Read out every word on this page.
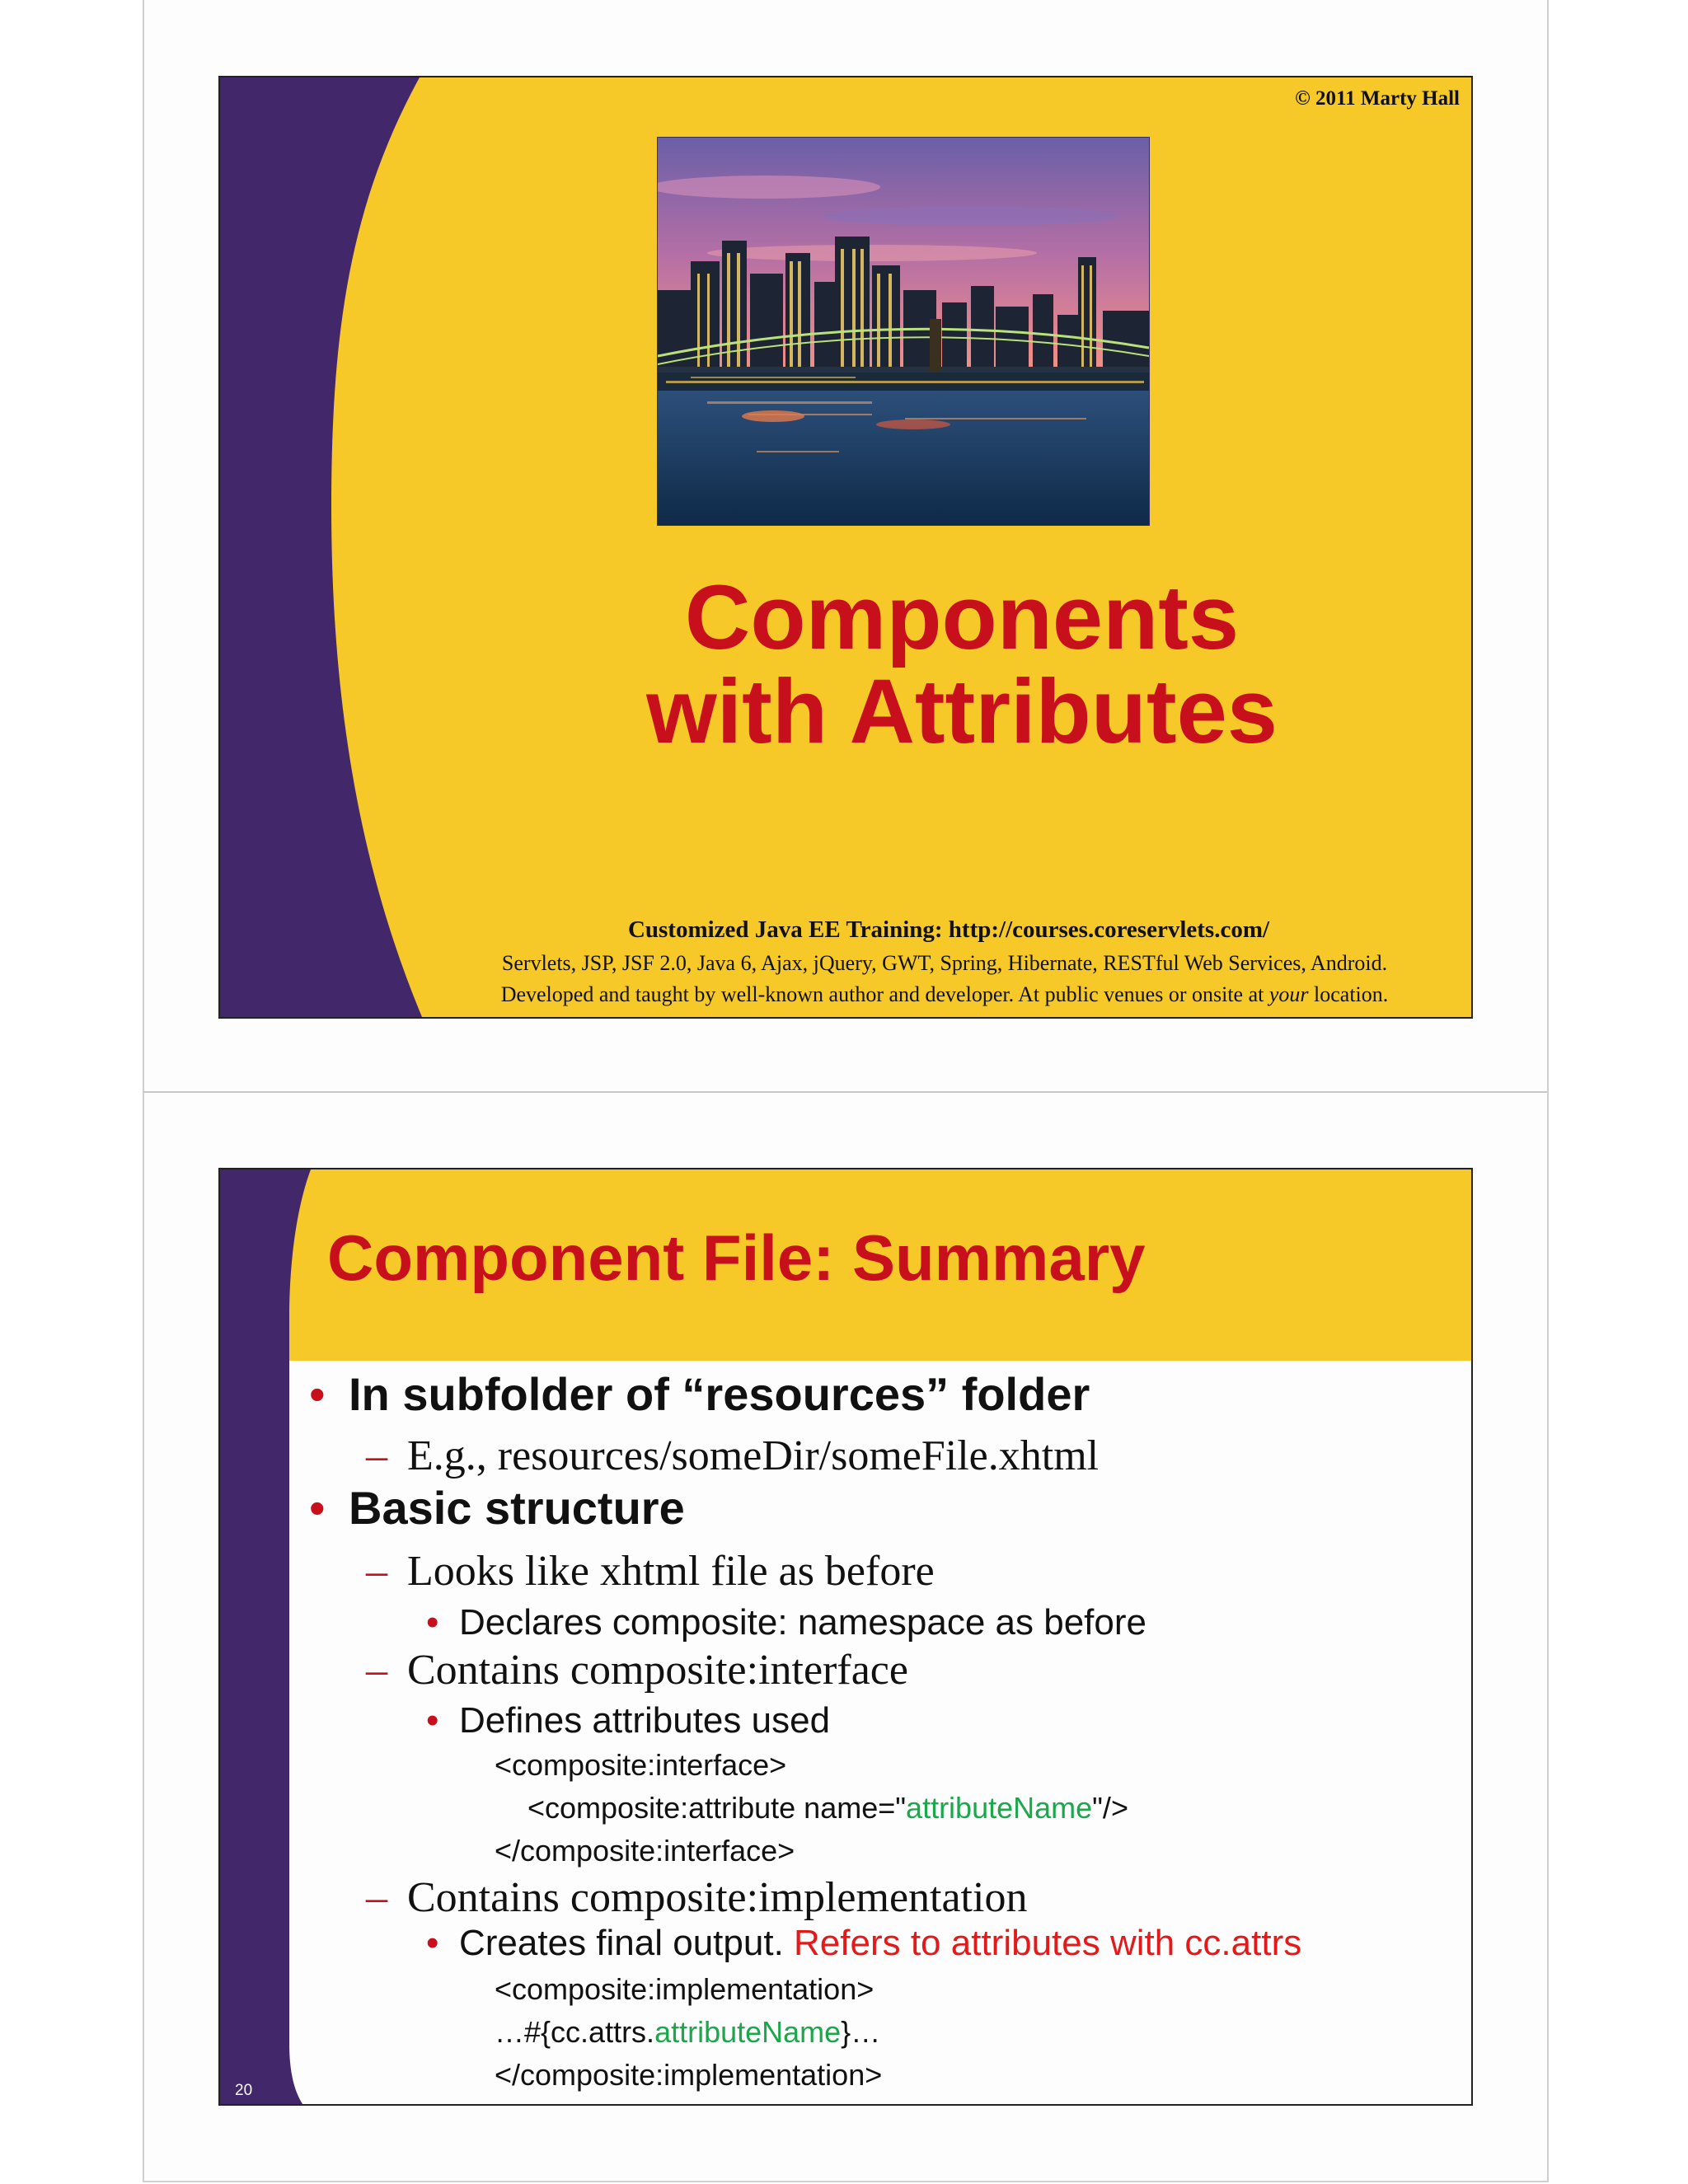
© 2011 Marty Hall
Components
with Attributes
Customized Java EE Training: http://courses.coreservlets.com/
Servlets, JSP, JSF 2.0, Java 6, Ajax, jQuery, GWT, Spring, Hibernate, RESTful Web Services, Android.
Developed and taught by well-known author and developer. At public venues or onsite at your location.
Component File: Summary
• In subfolder of “resources” folder
– E.g., resources/someDir/someFile.xhtml
• Basic structure
– Looks like xhtml file as before
• Declares composite: namespace as before
– Contains composite:interface
• Defines attributes used
<composite:interface>
<composite:attribute name="attributeName"/>
</composite:interface>
– Contains composite:implementation
• Creates final output. Refers to attributes with cc.attrs
<composite:implementation>
…#{cc.attrs.attributeName}…
</composite:implementation>
20
